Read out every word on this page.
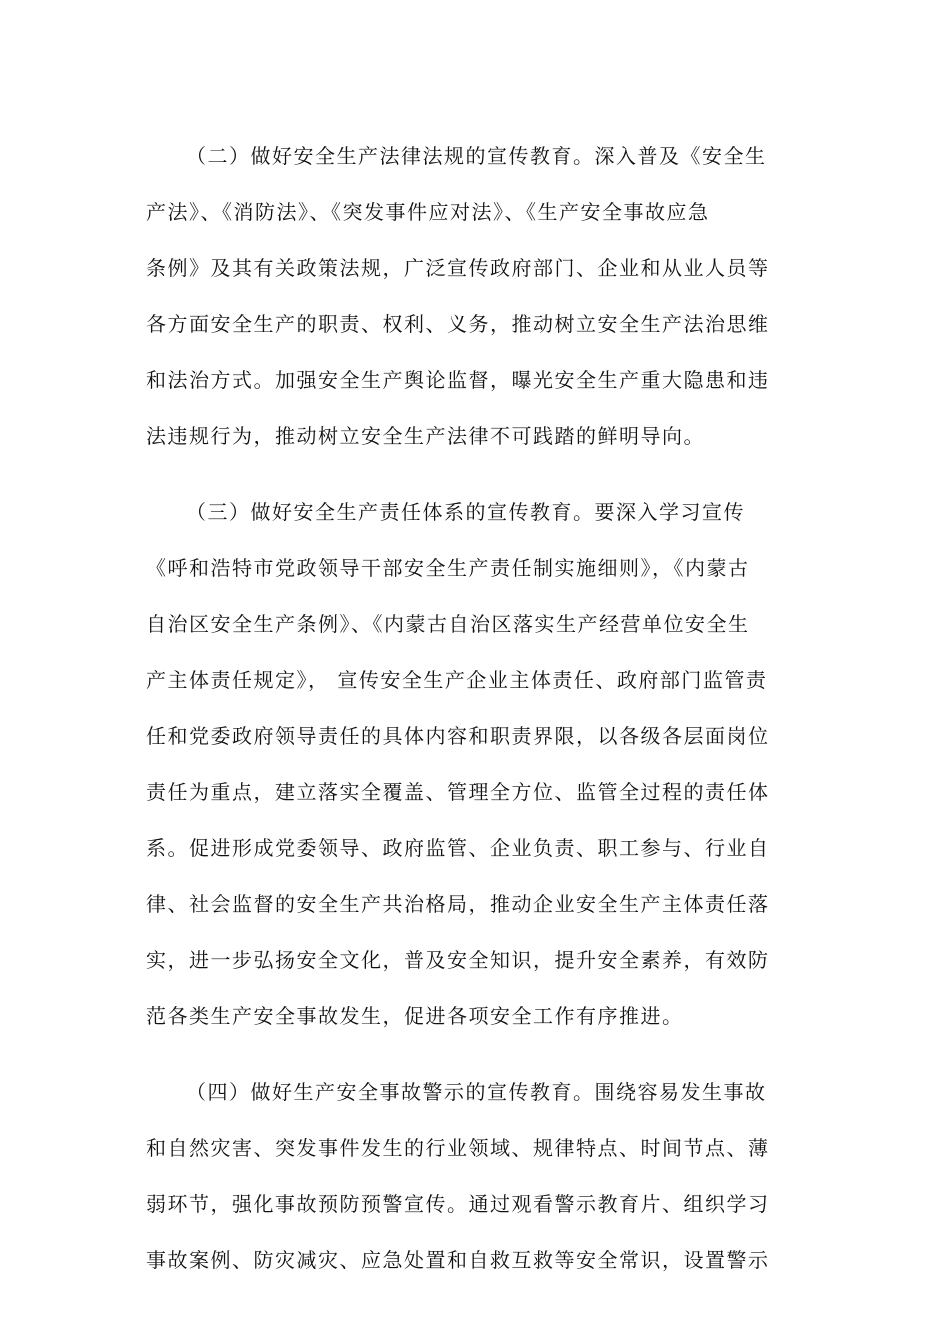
（二）做好安全生产法律法规的宣传教育。深入普及《安全生
产法》、《消防法》、《突发事件应对法》、《生产安全事故应急
条例》及其有关政策法规，广泛宣传政府部门、企业和从业人员等
各方面安全生产的职责、权利、义务，推动树立安全生产法治思维
和法治方式。加强安全生产舆论监督，曝光安全生产重大隐患和违
法违规行为，推动树立安全生产法律不可践踏的鲜明导向。
（三）做好安全生产责任体系的宣传教育。要深入学习宣传
《呼和浩特市党政领导干部安全生产责任制实施细则》，《内蒙古
自治区安全生产条例》、《内蒙古自治区落实生产经营单位安全生
产主体责任规定》， 宣传安全生产企业主体责任、政府部门监管责
任和党委政府领导责任的具体内容和职责界限，以各级各层面岗位
责任为重点，建立落实全覆盖、管理全方位、监管全过程的责任体
系。促进形成党委领导、政府监管、企业负责、职工参与、行业自
律、社会监督的安全生产共治格局，推动企业安全生产主体责任落
实，进一步弘扬安全文化，普及安全知识，提升安全素养，有效防
范各类生产安全事故发生，促进各项安全工作有序推进。
（四）做好生产安全事故警示的宣传教育。围绕容易发生事故
和自然灾害、突发事件发生的行业领域、规律特点、时间节点、薄
弱环节，强化事故预防预警宣传。通过观看警示教育片、组织学习
事故案例、防灾减灾、应急处置和自救互救等安全常识，设置警示
